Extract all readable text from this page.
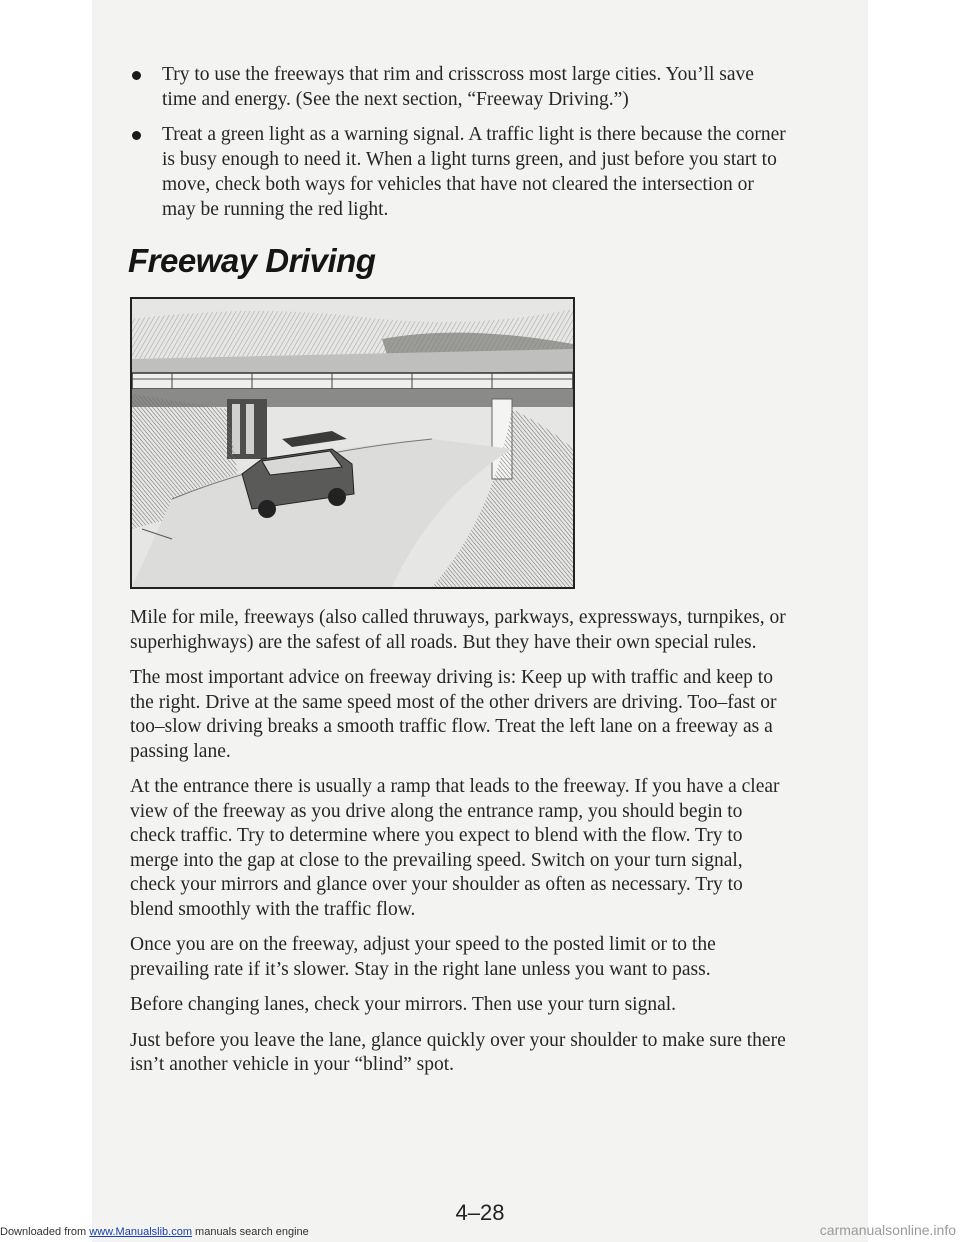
Try to use the freeways that rim and crisscross most large cities. You’ll save time and energy. (See the next section, “Freeway Driving.”)
Treat a green light as a warning signal. A traffic light is there because the corner is busy enough to need it. When a light turns green, and just before you start to move, check both ways for vehicles that have not cleared the intersection or may be running the red light.
Freeway Driving

Mile for mile, freeways (also called thruways, parkways, expressways, turnpikes, or superhighways) are the safest of all roads. But they have their own special rules.

The most important advice on freeway driving is: Keep up with traffic and keep to the right. Drive at the same speed most of the other drivers are driving. Too–fast or too–slow driving breaks a smooth traffic flow. Treat the left lane on a freeway as a passing lane.

At the entrance there is usually a ramp that leads to the freeway. If you have a clear view of the freeway as you drive along the entrance ramp, you should begin to check traffic. Try to determine where you expect to blend with the flow. Try to merge into the gap at close to the prevailing speed. Switch on your turn signal, check your mirrors and glance over your shoulder as often as necessary. Try to blend smoothly with the traffic flow.

Once you are on the freeway, adjust your speed to the posted limit or to the prevailing rate if it’s slower. Stay in the right lane unless you want to pass.

Before changing lanes, check your mirrors. Then use your turn signal.

Just before you leave the lane, glance quickly over your shoulder to make sure there isn’t another vehicle in your “blind” spot.

4–28
Downloaded from www.Manualslib.com manuals search engine	carmanualsonline.info
